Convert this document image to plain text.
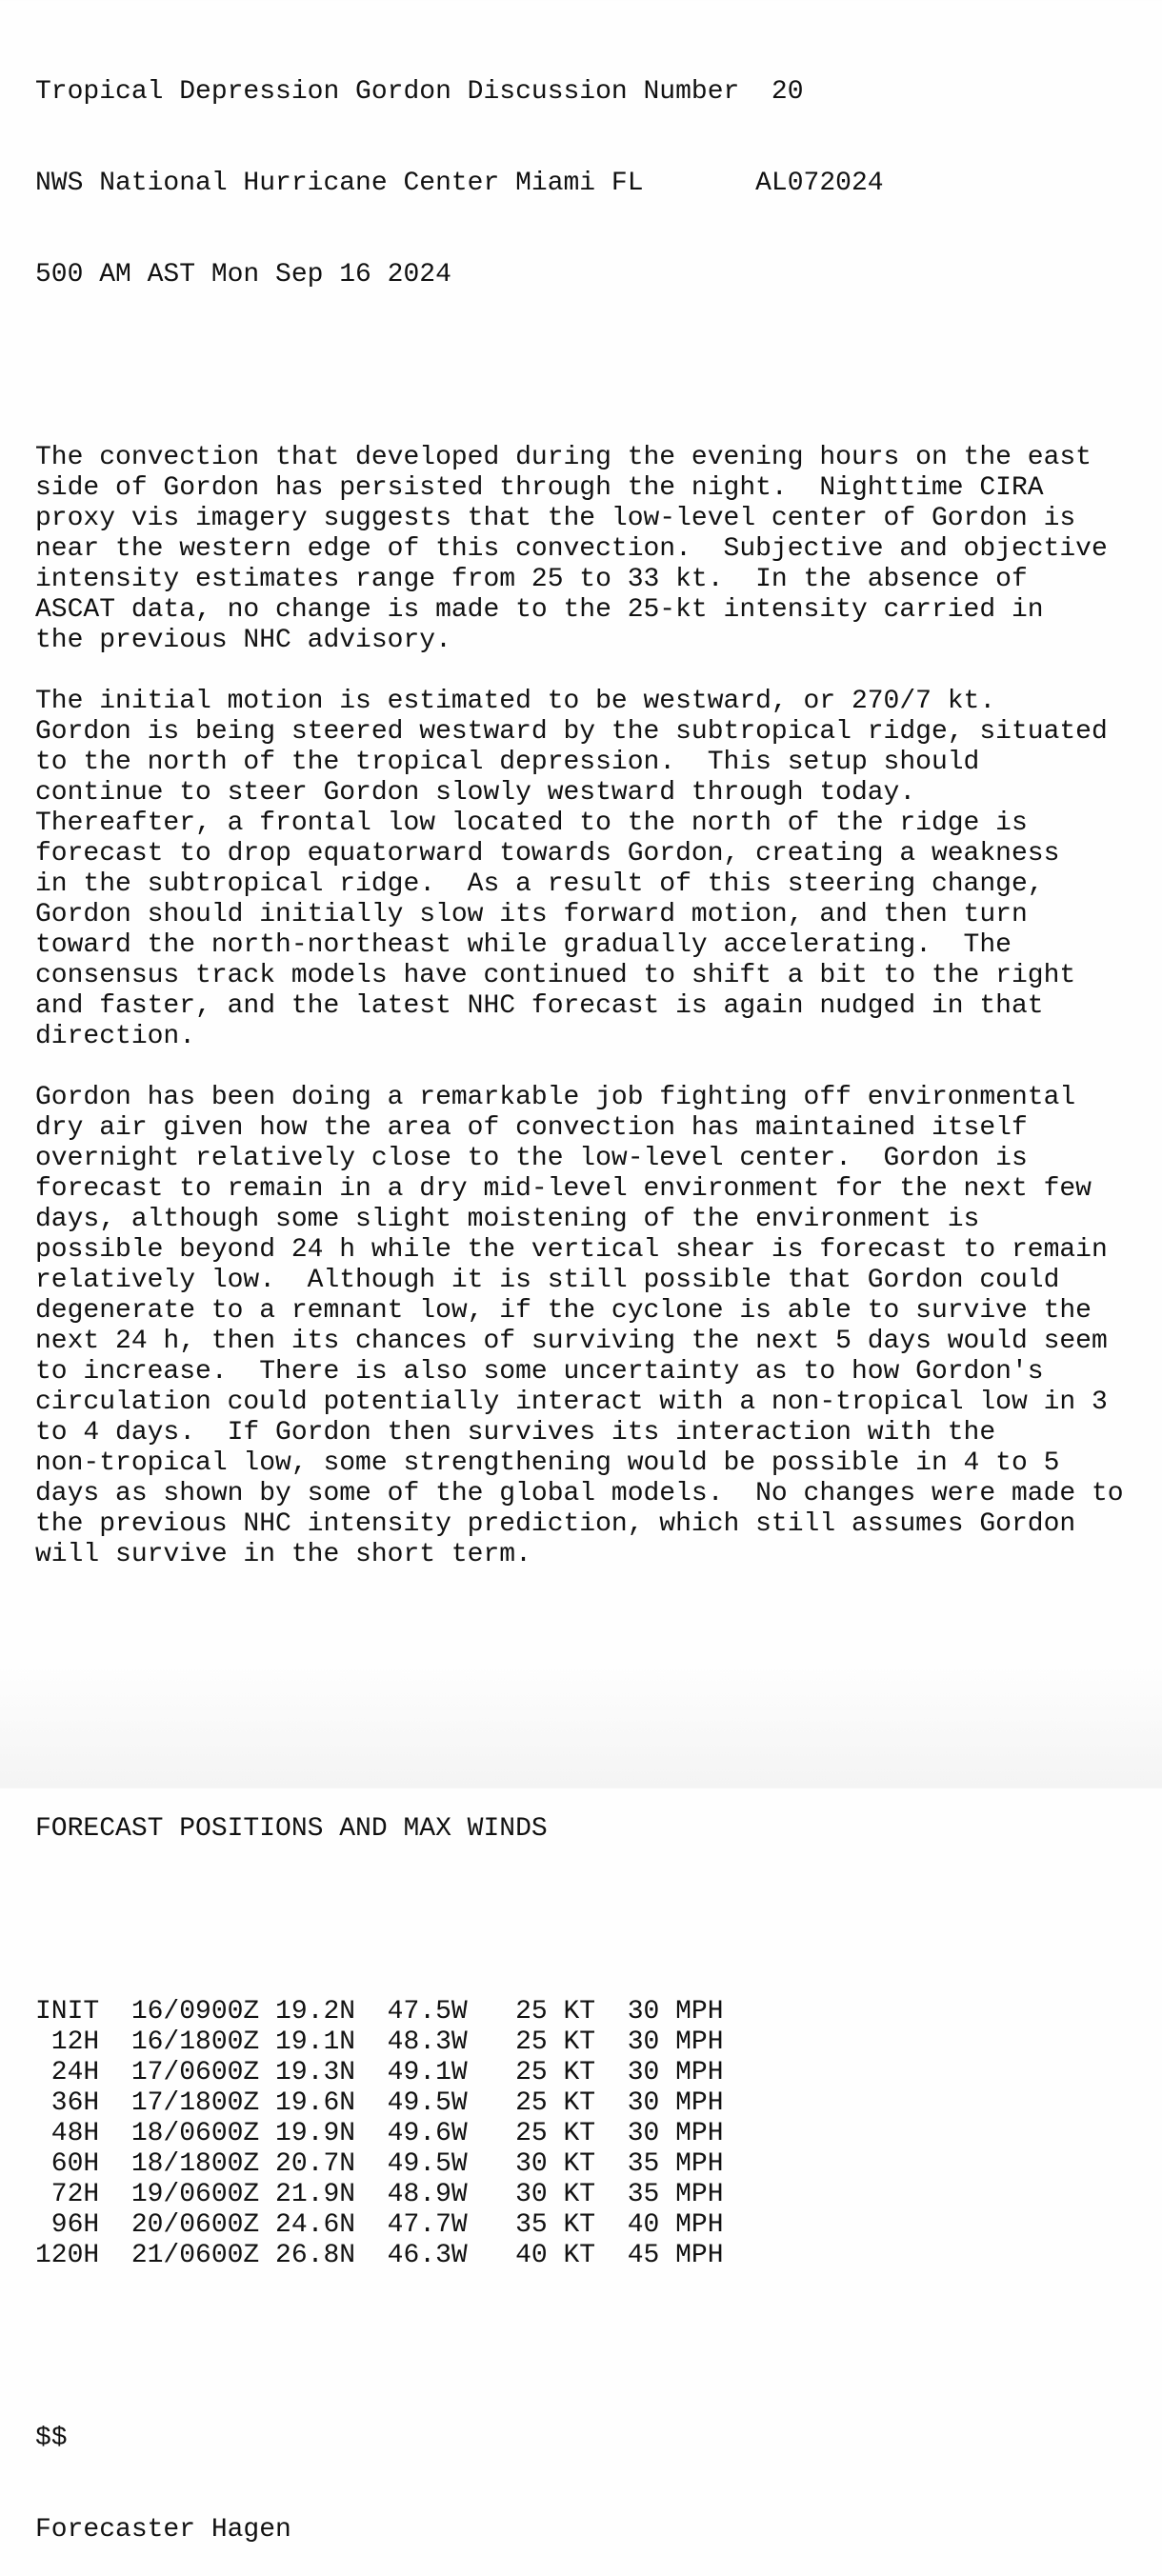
Tropical Depression Gordon Discussion Number  20

NWS National Hurricane Center Miami FL       AL072024

500 AM AST Mon Sep 16 2024

The convection that developed during the evening hours on the east
side of Gordon has persisted through the night.  Nighttime CIRA
proxy vis imagery suggests that the low-level center of Gordon is
near the western edge of this convection.  Subjective and objective
intensity estimates range from 25 to 33 kt.  In the absence of
ASCAT data, no change is made to the 25-kt intensity carried in
the previous NHC advisory.
The initial motion is estimated to be westward, or 270/7 kt.
Gordon is being steered westward by the subtropical ridge, situated
to the north of the tropical depression.  This setup should
continue to steer Gordon slowly westward through today.
Thereafter, a frontal low located to the north of the ridge is
forecast to drop equatorward towards Gordon, creating a weakness
in the subtropical ridge.  As a result of this steering change,
Gordon should initially slow its forward motion, and then turn
toward the north-northeast while gradually accelerating.  The
consensus track models have continued to shift a bit to the right
and faster, and the latest NHC forecast is again nudged in that
direction.
Gordon has been doing a remarkable job fighting off environmental
dry air given how the area of convection has maintained itself
overnight relatively close to the low-level center.  Gordon is
forecast to remain in a dry mid-level environment for the next few
days, although some slight moistening of the environment is
possible beyond 24 h while the vertical shear is forecast to remain
relatively low.  Although it is still possible that Gordon could
degenerate to a remnant low, if the cyclone is able to survive the
next 24 h, then its chances of surviving the next 5 days would seem
to increase.  There is also some uncertainty as to how Gordon's
circulation could potentially interact with a non-tropical low in 3
to 4 days.  If Gordon then survives its interaction with the
non-tropical low, some strengthening would be possible in 4 to 5
days as shown by some of the global models.  No changes were made to
the previous NHC intensity prediction, which still assumes Gordon
will survive in the short term.

FORECAST POSITIONS AND MAX WINDS

INIT  16/0900Z 19.2N  47.5W   25 KT  30 MPH
12H  16/1800Z 19.1N  48.3W   25 KT  30 MPH
24H  17/0600Z 19.3N  49.1W   25 KT  30 MPH
36H  17/1800Z 19.6N  49.5W   25 KT  30 MPH
48H  18/0600Z 19.9N  49.6W   25 KT  30 MPH
60H  18/1800Z 20.7N  49.5W   30 KT  35 MPH
72H  19/0600Z 21.9N  48.9W   30 KT  35 MPH
96H  20/0600Z 24.6N  47.7W   35 KT  40 MPH
120H  21/0600Z 26.8N  46.3W   40 KT  45 MPH

$$

Forecaster Hagen
